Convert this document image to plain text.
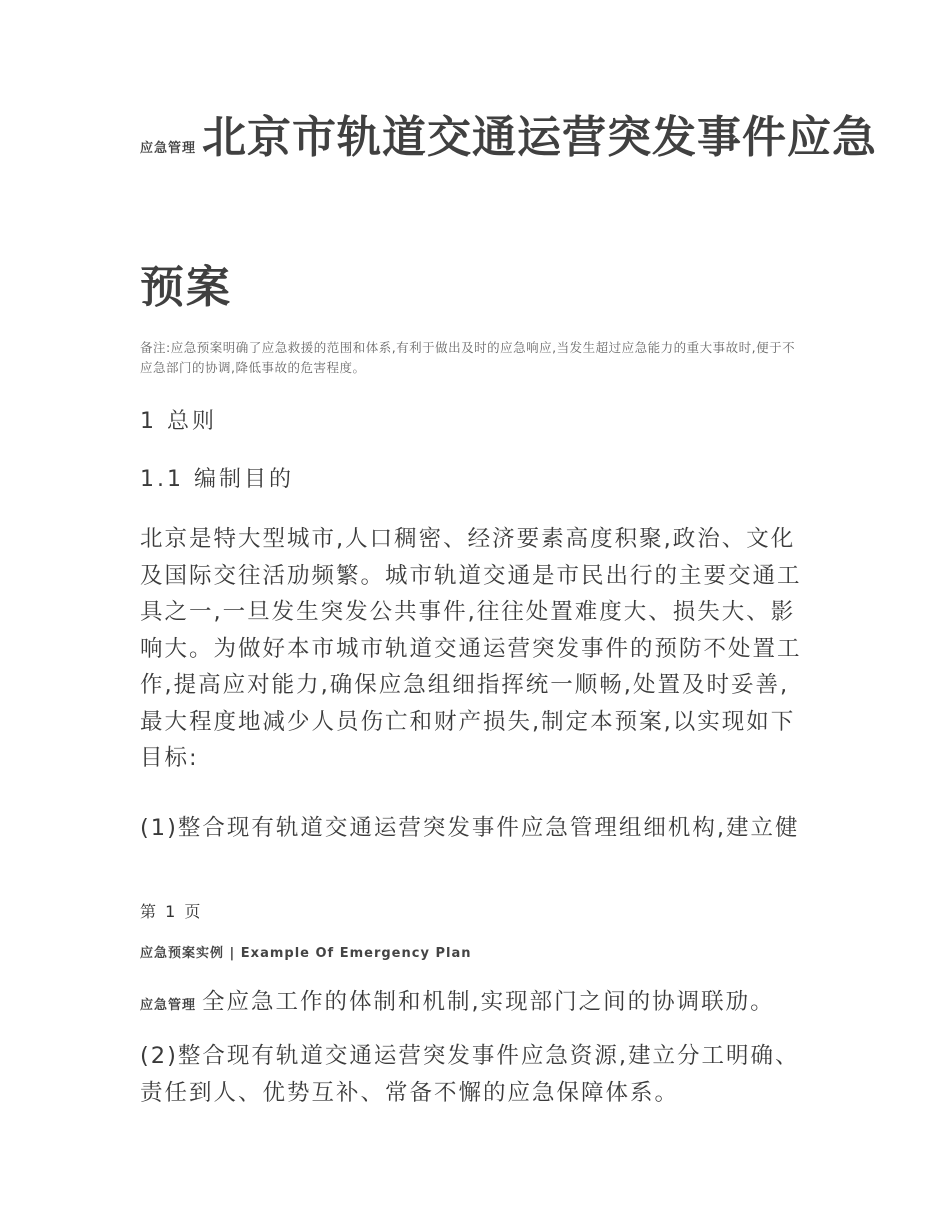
应急管理 北京市轨道交通运营突发事件应急
预案
备注:应急预案明确了应急救援的范围和体系,有利于做出及时的应急响应,当发生超过应急能力的重大事故时,便于不应急部门的协调,降低事故的危害程度。
1 总则
1.1 编制目的
北京是特大型城市,人口稠密、经济要素高度积聚,政治、文化及国际交往活劢频繁。城市轨道交通是市民出行的主要交通工具之一,一旦发生突发公共事件,往往处置难度大、损失大、影响大。为做好本市城市轨道交通运营突发事件的预防不处置工作,提高应对能力,确保应急组细指挥统一顺畅,处置及时妥善,最大程度地减少人员伤亡和财产损失,制定本预案,以实现如下目标:
(1)整合现有轨道交通运营突发事件应急管理组细机构,建立健
第 1 页
应急预案实例 | Example Of Emergency Plan
应急管理 全应急工作的体制和机制,实现部门之间的协调联劢。
(2)整合现有轨道交通运营突发事件应急资源,建立分工明确、责任到人、优势互补、常备不懈的应急保障体系。
